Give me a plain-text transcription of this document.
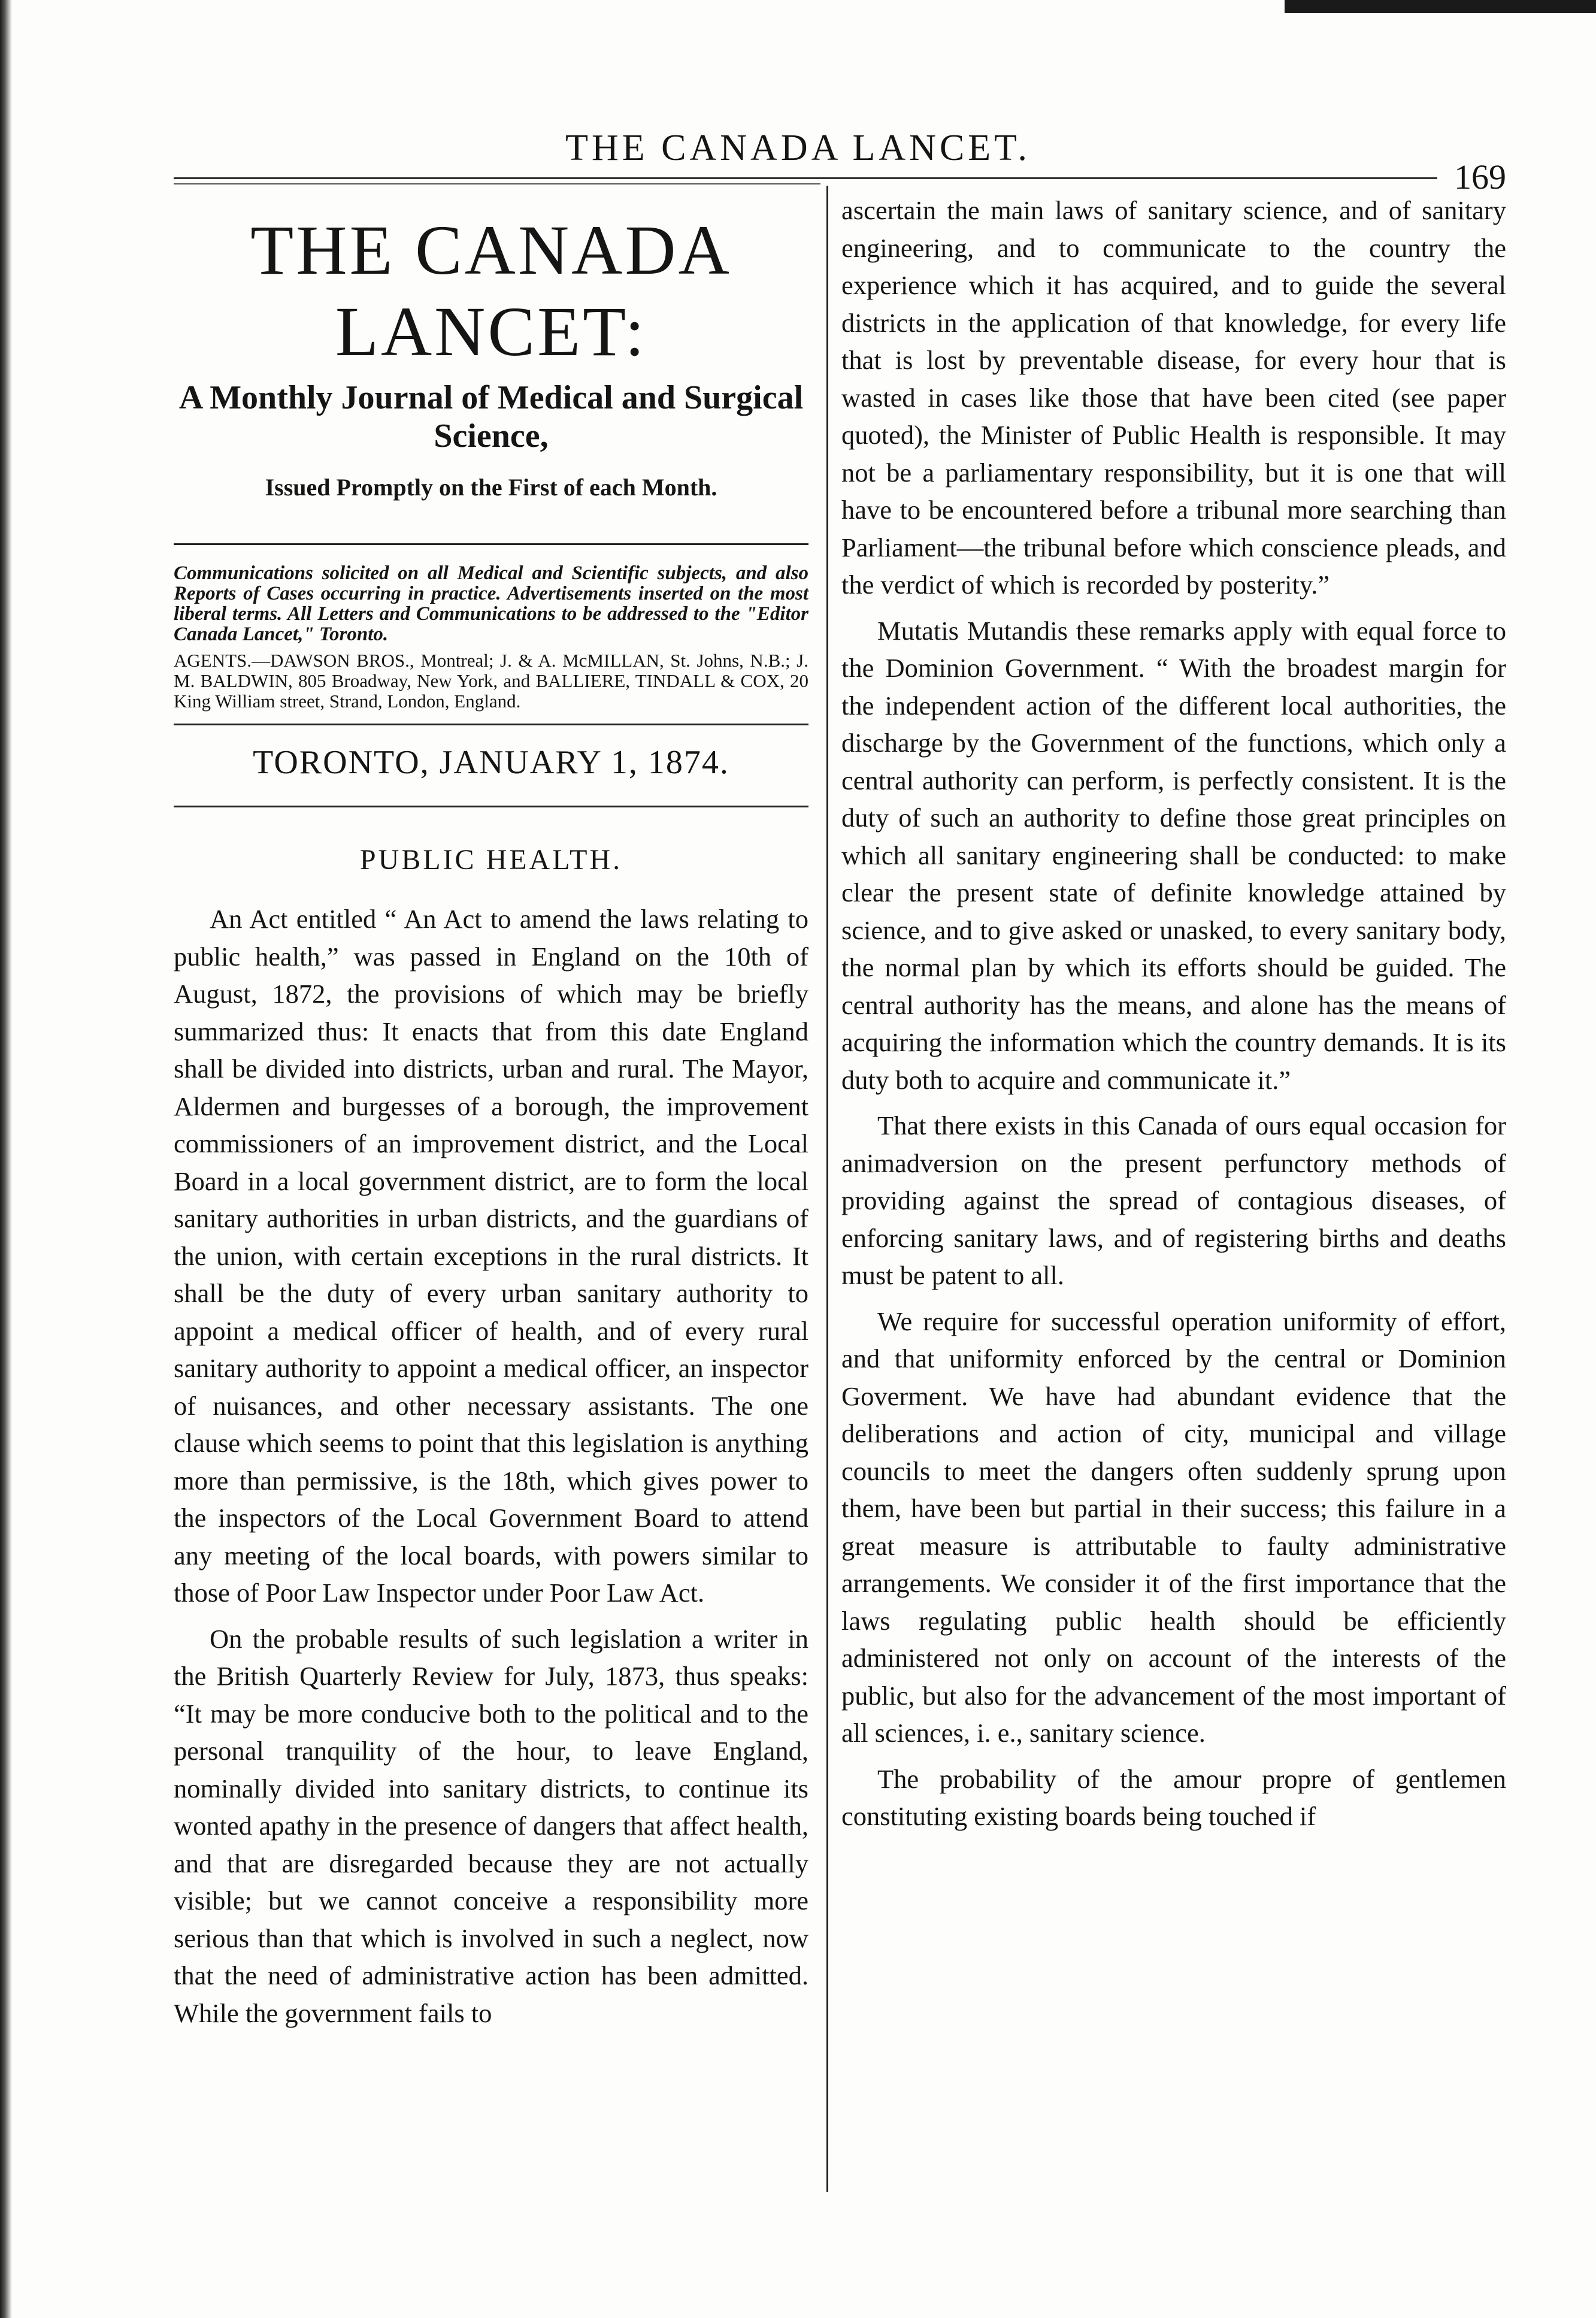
THE CANADA LANCET.
169
THE CANADA LANCET:
A Monthly Journal of Medical and Surgical Science,
Issued Promptly on the First of each Month.
Communications solicited on all Medical and Scientific subjects, and also Reports of Cases occurring in practice. Advertisements inserted on the most liberal terms. All Letters and Communications to be addressed to the "Editor Canada Lancet," Toronto.
AGENTS.—DAWSON BROS., Montreal; J. & A. McMILLAN, St. Johns, N.B.; J. M. BALDWIN, 805 Broadway, New York, and BALLIERE, TINDALL & COX, 20 King William street, Strand, London, England.
TORONTO, JANUARY 1, 1874.
PUBLIC HEALTH.

An Act entitled “ An Act to amend the laws relating to public health,” was passed in England on the 10th of August, 1872, the provisions of which may be briefly summarized thus: It enacts that from this date England shall be divided into districts, urban and rural. The Mayor, Aldermen and burgesses of a borough, the improvement commissioners of an improvement district, and the Local Board in a local government district, are to form the local sanitary authorities in urban districts, and the guardians of the union, with certain exceptions in the rural districts. It shall be the duty of every urban sanitary authority to appoint a medical officer of health, and of every rural sanitary authority to appoint a medical officer, an inspector of nuisances, and other necessary assistants. The one clause which seems to point that this legislation is anything more than permissive, is the 18th, which gives power to the inspectors of the Local Government Board to attend any meeting of the local boards, with powers similar to those of Poor Law Inspector under Poor Law Act.

On the probable results of such legislation a writer in the British Quarterly Review for July, 1873, thus speaks: “It may be more conducive both to the political and to the personal tranquility of the hour, to leave England, nominally divided into sanitary districts, to continue its wonted apathy in the presence of dangers that affect health, and that are disregarded because they are not actually visible; but we cannot conceive a responsibility more serious than that which is involved in such a neglect, now that the need of administrative action has been admitted. While the government fails to

ascertain the main laws of sanitary science, and of sanitary engineering, and to communicate to the country the experience which it has acquired, and to guide the several districts in the application of that knowledge, for every life that is lost by preventable disease, for every hour that is wasted in cases like those that have been cited (see paper quoted), the Minister of Public Health is responsible. It may not be a parliamentary responsibility, but it is one that will have to be encountered before a tribunal more searching than Parliament—the tribunal before which conscience pleads, and the verdict of which is recorded by posterity.”

Mutatis Mutandis these remarks apply with equal force to the Dominion Government. “ With the broadest margin for the independent action of the different local authorities, the discharge by the Government of the functions, which only a central authority can perform, is perfectly consistent. It is the duty of such an authority to define those great principles on which all sanitary engineering shall be conducted: to make clear the present state of definite knowledge attained by science, and to give asked or unasked, to every sanitary body, the normal plan by which its efforts should be guided. The central authority has the means, and alone has the means of acquiring the information which the country demands. It is its duty both to acquire and communicate it.”

That there exists in this Canada of ours equal occasion for animadversion on the present perfunctory methods of providing against the spread of contagious diseases, of enforcing sanitary laws, and of registering births and deaths must be patent to all.

We require for successful operation uniformity of effort, and that uniformity enforced by the central or Dominion Goverment. We have had abundant evidence that the deliberations and action of city, municipal and village councils to meet the dangers often suddenly sprung upon them, have been but partial in their success; this failure in a great measure is attributable to faulty administrative arrangements. We consider it of the first importance that the laws regulating public health should be efficiently administered not only on account of the interests of the public, but also for the advancement of the most important of all sciences, i. e., sanitary science.

The probability of the amour propre of gentlemen constituting existing boards being touched if
